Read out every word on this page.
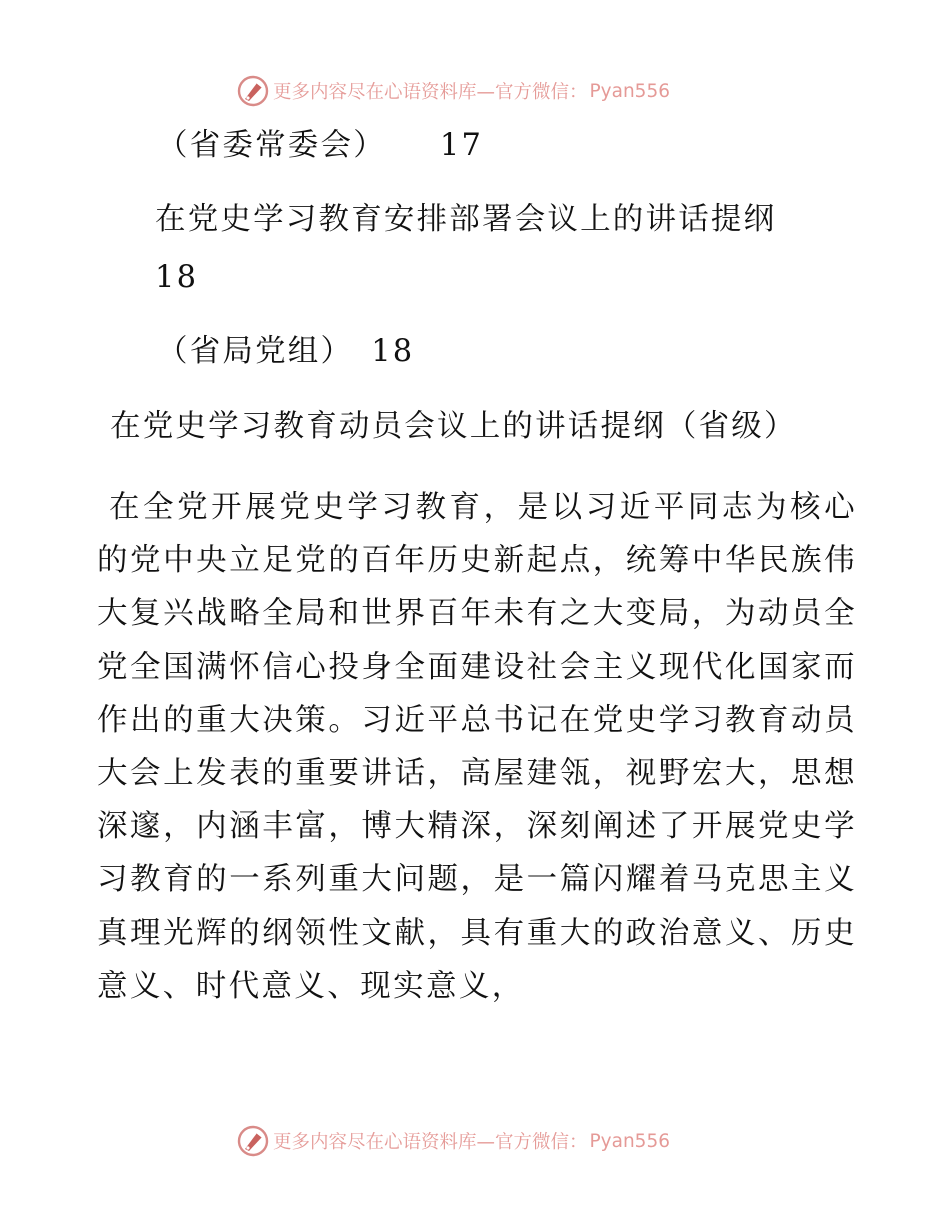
更多内容尽在心语资料库—官方微信： Pyan556
（省委常委会） 17
在党史学习教育安排部署会议上的讲话提纲
18
（省局党组） 18
在党史学习教育动员会议上的讲话提纲（省级）

在全党开展党史学习教育，是以习近平同志为核心的党中央立足党的百年历史新起点，统筹中华民族伟大复兴战略全局和世界百年未有之大变局，为动员全党全国满怀信心投身全面建设社会主义现代化国家而作出的重大决策。习近平总书记在党史学习教育动员大会上发表的重要讲话，高屋建瓴，视野宏大，思想深邃，内涵丰富，博大精深，深刻阐述了开展党史学习教育的一系列重大问题，是一篇闪耀着马克思主义真理光辉的纲领性文献，具有重大的政治意义、历史意义、时代意义、现实意义，

更多内容尽在心语资料库—官方微信： Pyan556
